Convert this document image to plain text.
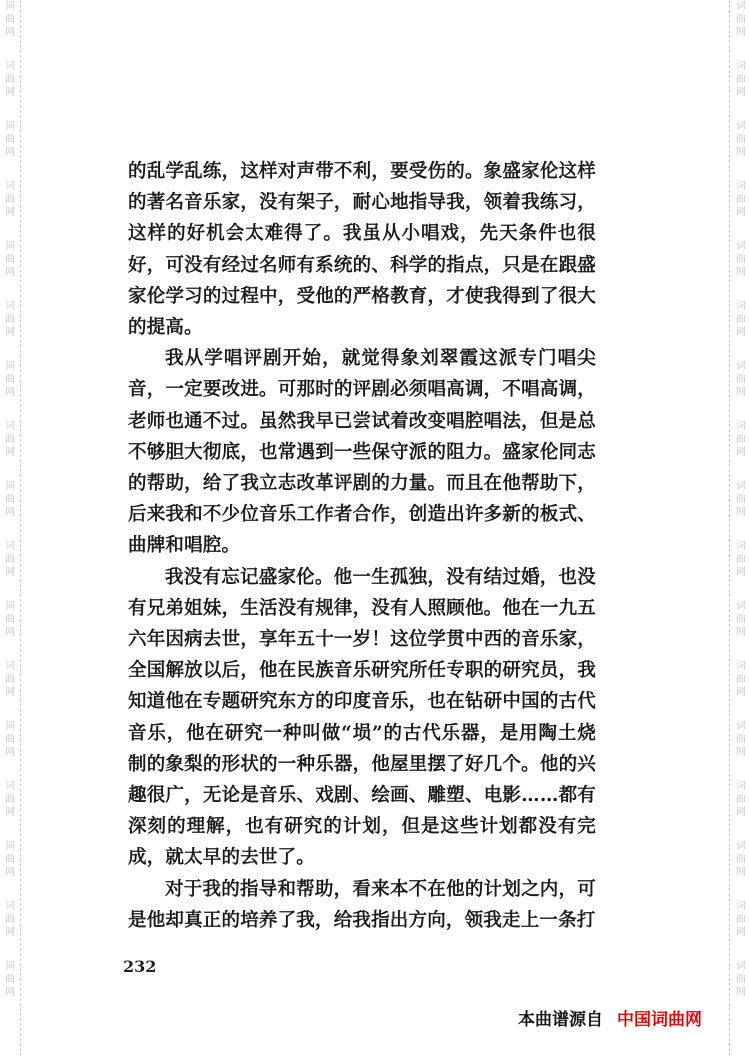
词
曲
网
词
曲
网
词
曲
网
词
曲
网
词
曲
网
词
曲
网
词
曲
网
词
曲
网
词
曲
网
词
曲
网
词
曲
网
词
曲
网
词
曲
网
词
曲
网
词
曲
网
词
曲
网
词
曲
网
词
曲
网
词
曲
网
词
曲
网
词
曲
网
词
曲
网
词
曲
网
词
曲
网
词
曲
网
词
曲
网
词
曲
网
词
曲
网
词
曲
网
词
曲
网
词
曲
网
词
曲
网
词
曲
网
词
曲
网

的乱学乱练，这样对声带不利，要受伤的。象盛家伦这样的著名音乐家，没有架子，耐心地指导我，领着我练习，这样的好机会太难得了。我虽从小唱戏，先天条件也很好，可没有经过名师有系统的、科学的指点，只是在跟盛家伦学习的过程中，受他的严格教育，才使我得到了很大的提高。

我从学唱评剧开始，就觉得象刘翠霞这派专门唱尖音，一定要改进。可那时的评剧必须唱高调，不唱高调，老师也通不过。虽然我早已尝试着改变唱腔唱法，但是总不够胆大彻底，也常遇到一些保守派的阻力。盛家伦同志的帮助，给了我立志改革评剧的力量。而且在他帮助下，后来我和不少位音乐工作者合作，创造出许多新的板式、曲牌和唱腔。

我没有忘记盛家伦。他一生孤独，没有结过婚，也没有兄弟姐妹，生活没有规律，没有人照顾他。他在一九五六年因病去世，享年五十一岁！这位学贯中西的音乐家，全国解放以后，他在民族音乐研究所任专职的研究员，我知道他在专题研究东方的印度音乐，也在钻研中国的古代音乐，他在研究一种叫做“埙”的古代乐器，是用陶土烧制的象梨的形状的一种乐器，他屋里摆了好几个。他的兴趣很广，无论是音乐、戏剧、绘画、雕塑、电影……都有深刻的理解，也有研究的计划，但是这些计划都没有完成，就太早的去世了。

对于我的指导和帮助，看来本不在他的计划之内，可是他却真正的培养了我，给我指出方向，领我走上一条打

232
本曲谱源自 中国词曲网
